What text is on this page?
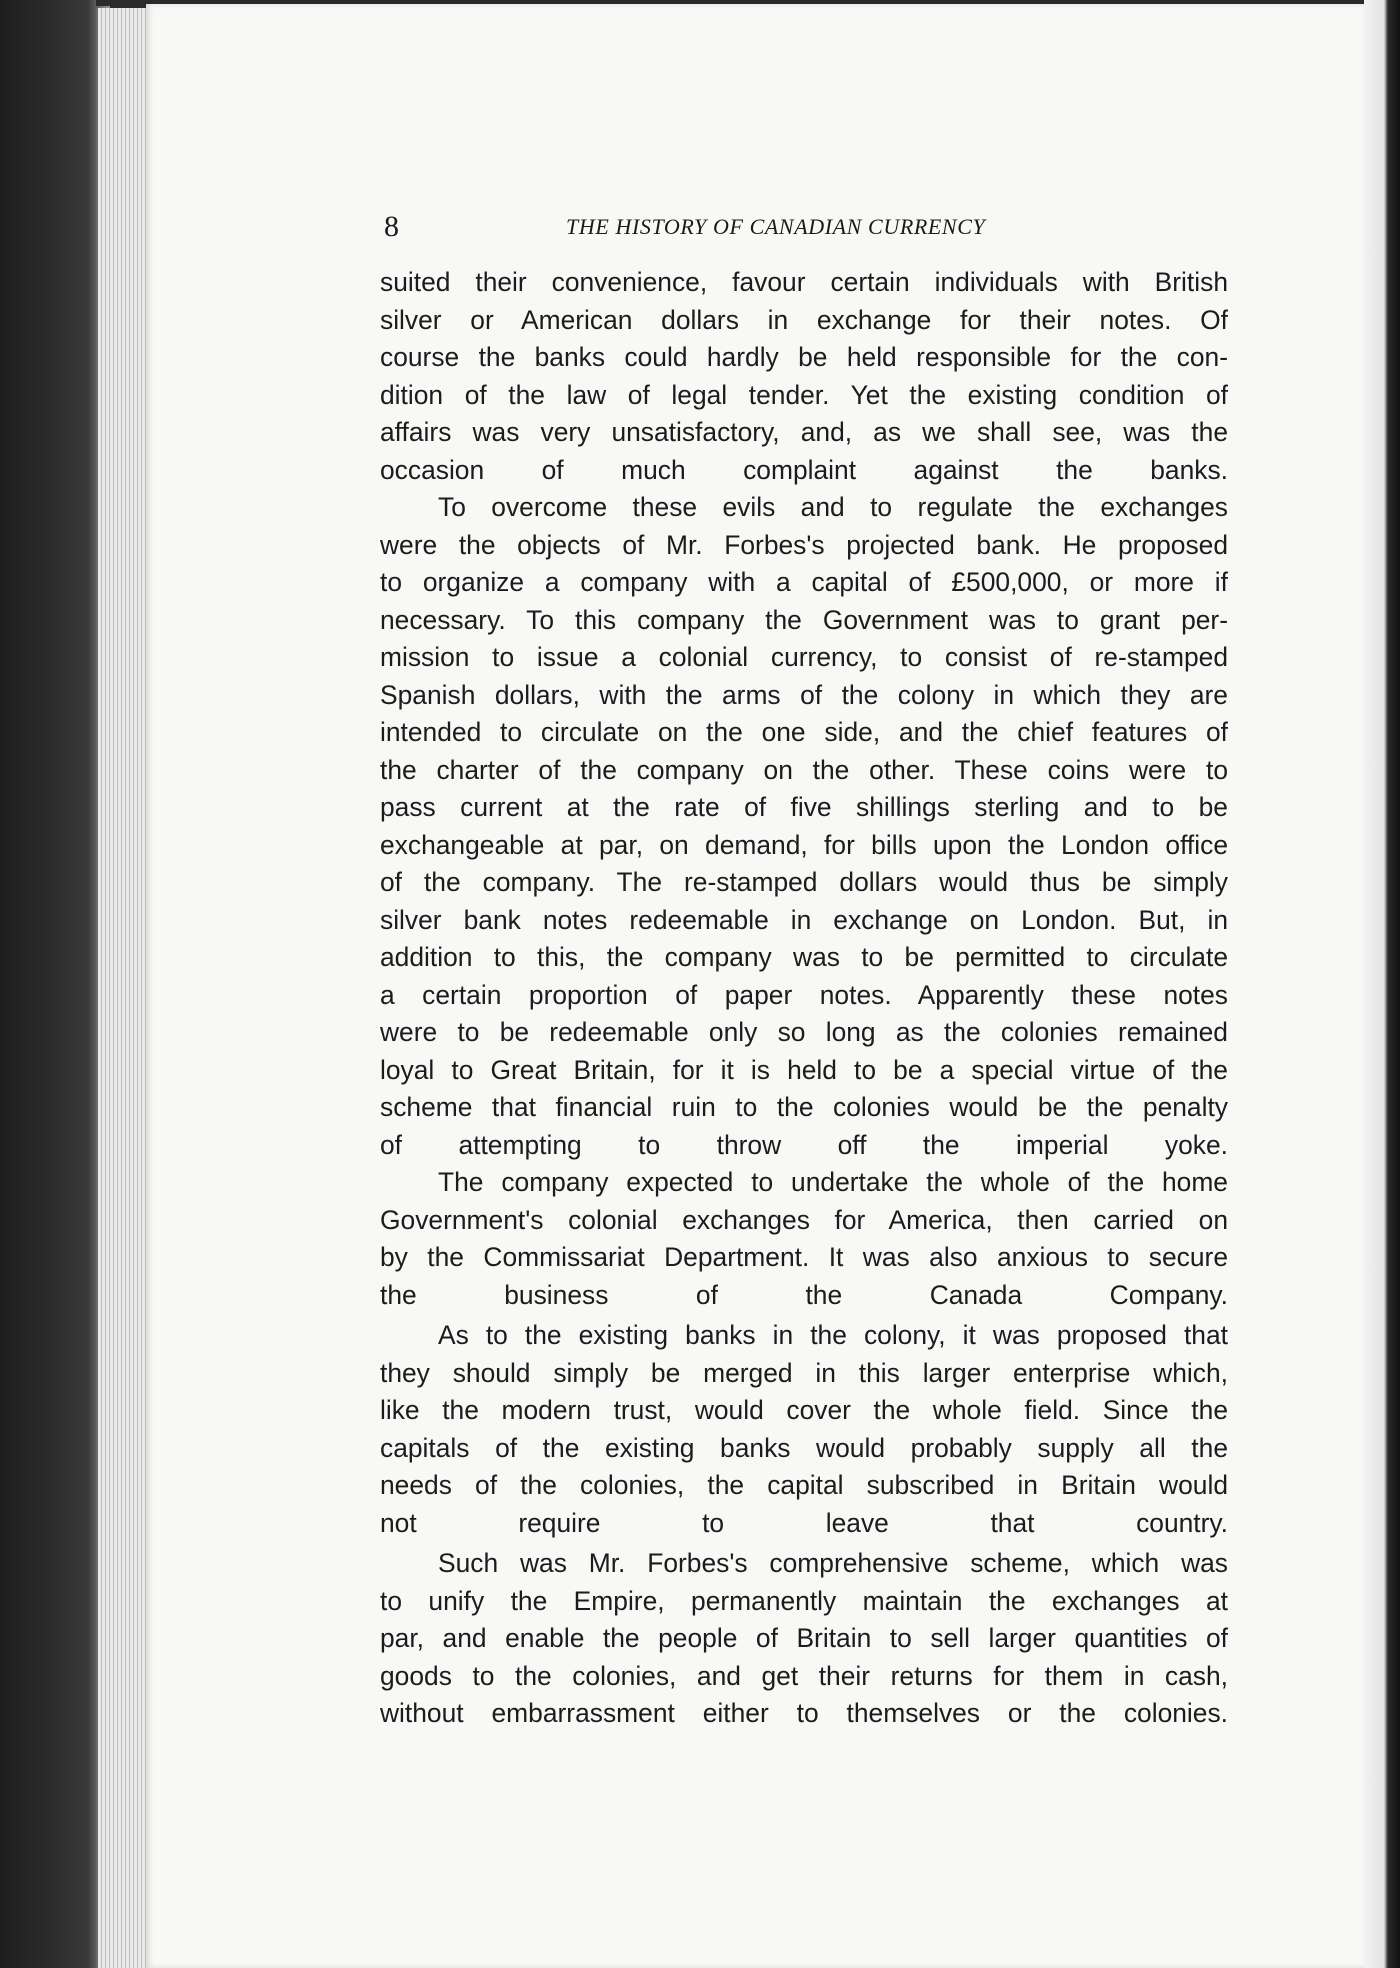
8	THE HISTORY OF CANADIAN CURRENCY

suited their convenience, favour certain individuals with British
silver or American dollars in exchange for their notes. Of
course the banks could hardly be held responsible for the con-
dition of the law of legal tender. Yet the existing condition of
affairs was very unsatisfactory, and, as we shall see, was the
occasion of much complaint against the banks.

To overcome these evils and to regulate the exchanges
were the objects of Mr. Forbes's projected bank. He proposed
to organize a company with a capital of £500,000, or more if
necessary. To this company the Government was to grant per-
mission to issue a colonial currency, to consist of re-stamped
Spanish dollars, with the arms of the colony in which they are
intended to circulate on the one side, and the chief features of
the charter of the company on the other. These coins were to
pass current at the rate of five shillings sterling and to be
exchangeable at par, on demand, for bills upon the London office
of the company. The re-stamped dollars would thus be simply
silver bank notes redeemable in exchange on London. But, in
addition to this, the company was to be permitted to circulate
a certain proportion of paper notes. Apparently these notes
were to be redeemable only so long as the colonies remained
loyal to Great Britain, for it is held to be a special virtue of the
scheme that financial ruin to the colonies would be the penalty
of attempting to throw off the imperial yoke.

The company expected to undertake the whole of the home
Government's colonial exchanges for America, then carried on
by the Commissariat Department. It was also anxious to secure
the business of the Canada Company.

As to the existing banks in the colony, it was proposed that
they should simply be merged in this larger enterprise which,
like the modern trust, would cover the whole field. Since the
capitals of the existing banks would probably supply all the
needs of the colonies, the capital subscribed in Britain would
not require to leave that country.

Such was Mr. Forbes's comprehensive scheme, which was
to unify the Empire, permanently maintain the exchanges at
par, and enable the people of Britain to sell larger quantities of
goods to the colonies, and get their returns for them in cash,
without embarrassment either to themselves or the colonies.
